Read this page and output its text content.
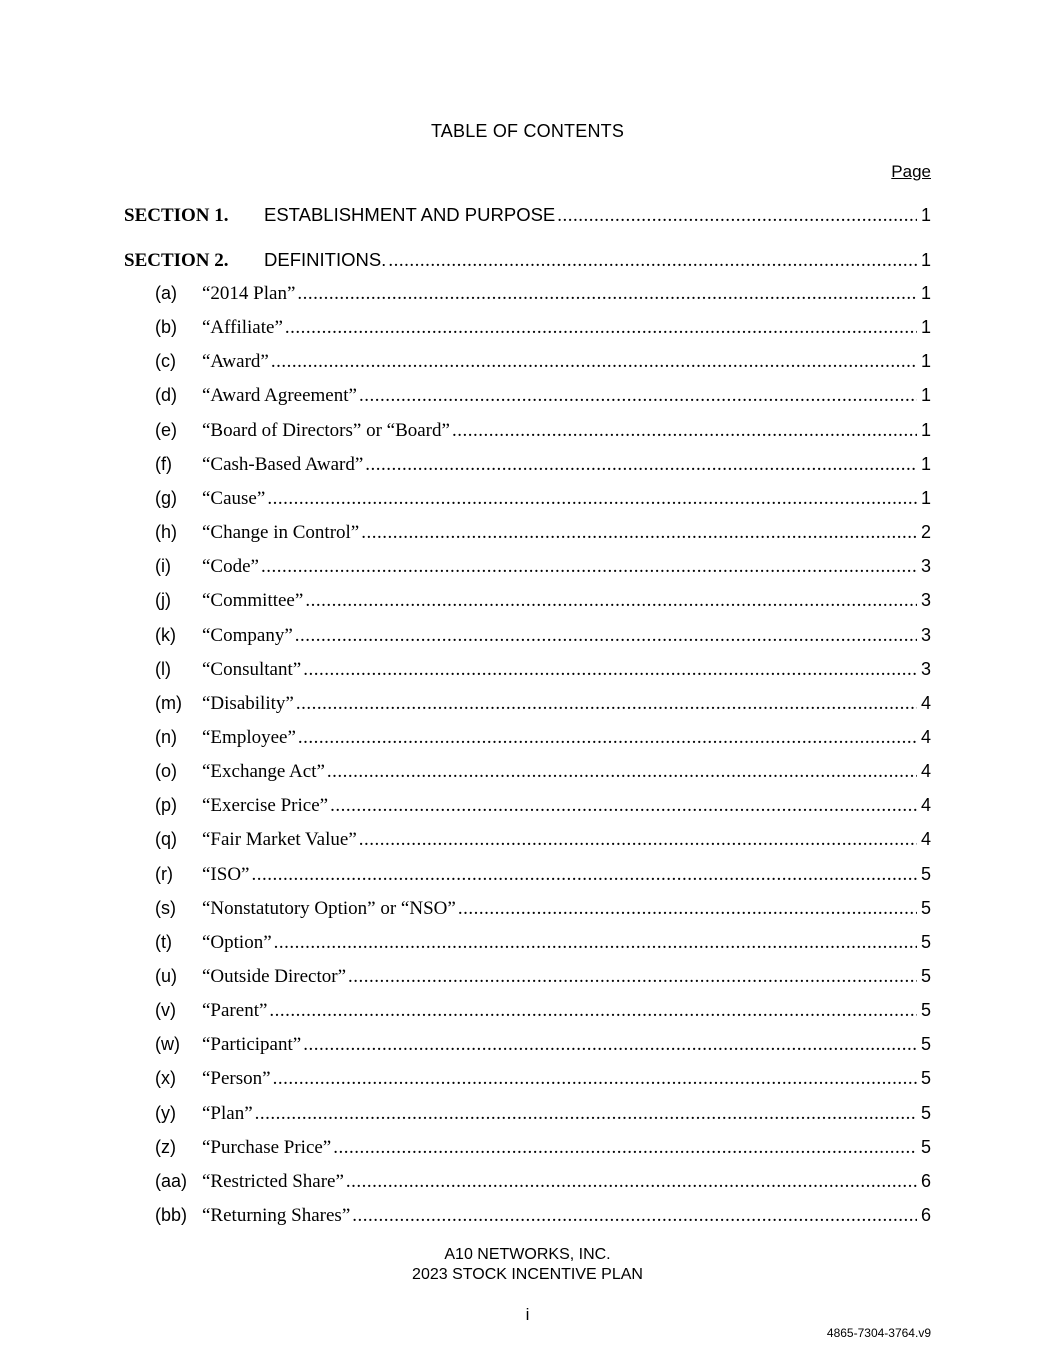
TABLE OF CONTENTS
Page
SECTION 1.	ESTABLISHMENT AND PURPOSE .....	1
SECTION 2.	DEFINITIONS. .....	1
(a)	“2014 Plan” .....	1
(b)	“Affiliate” .....	1
(c)	“Award” .....	1
(d)	“Award Agreement” .....	1
(e)	“Board of Directors” or “Board” .....	1
(f)	“Cash-Based Award” .....	1
(g)	“Cause” .....	1
(h)	“Change in Control” .....	2
(i)	“Code” .....	3
(j)	“Committee” .....	3
(k)	“Company” .....	3
(l)	“Consultant” .....	3
(m)	“Disability” .....	4
(n)	“Employee” .....	4
(o)	“Exchange Act” .....	4
(p)	“Exercise Price” .....	4
(q)	“Fair Market Value” .....	4
(r)	“ISO” .....	5
(s)	“Nonstatutory Option” or “NSO” .....	5
(t)	“Option” .....	5
(u)	“Outside Director” .....	5
(v)	“Parent” .....	5
(w)	“Participant” .....	5
(x)	“Person” .....	5
(y)	“Plan” .....	5
(z)	“Purchase Price” .....	5
(aa) “Restricted Share” .....	6
(bb) “Returning Shares” .....	6
A10 NETWORKS, INC.
2023 STOCK INCENTIVE PLAN
i
4865-7304-3764.v9
